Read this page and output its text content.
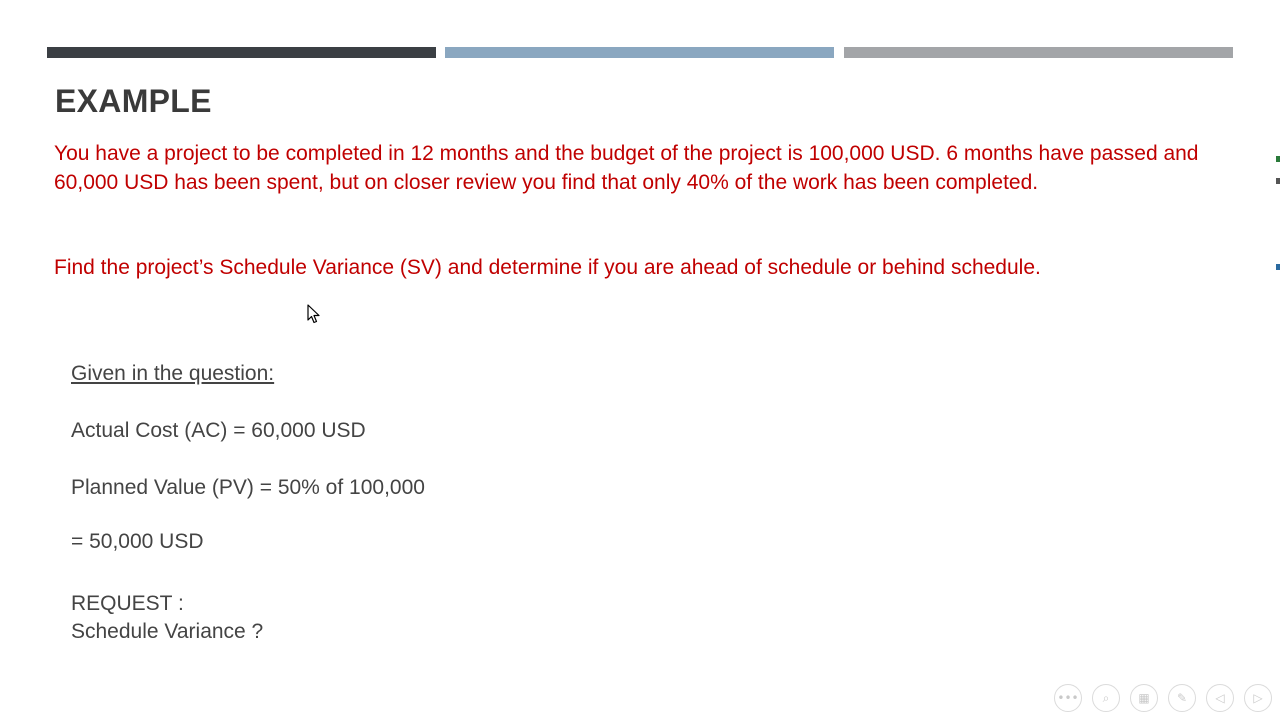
EXAMPLE

You have a project to be completed in 12 months and the budget of the project is 100,000 USD. 6 months have passed and 60,000 USD has been spent, but on closer review you find that only 40% of the work has been completed.

Find the project’s Schedule Variance (SV) and determine if you are ahead of schedule or behind schedule.

Given in the question:
Actual Cost (AC) = 60,000 USD
Planned Value (PV) = 50% of 100,000
= 50,000 USD
REQUEST :
Schedule Variance ?
•••	⌕	▦	✎	◁	▷
